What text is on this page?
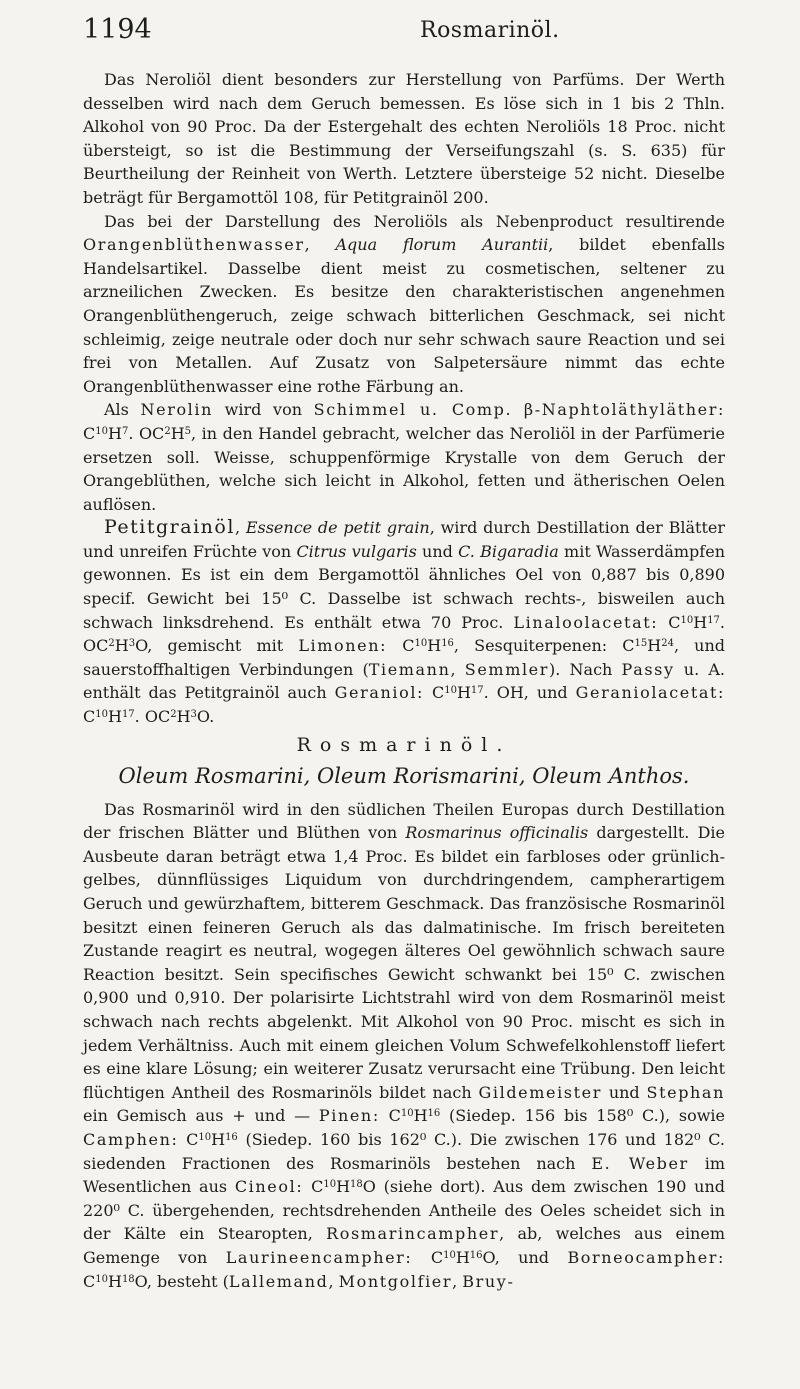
1194	Rosmarinöl.

Das Neroliöl dient besonders zur Herstellung von Parfüms. Der Werth desselben wird nach dem Geruch bemessen. Es löse sich in 1 bis 2 Thln. Alkohol von 90 Proc. Da der Estergehalt des echten Neroliöls 18 Proc. nicht übersteigt, so ist die Bestimmung der Verseifungszahl (s. S. 635) für Beurtheilung der Reinheit von Werth. Letztere übersteige 52 nicht. Dieselbe beträgt für Bergamottöl 108, für Petitgrainöl 200.

Das bei der Darstellung des Neroliöls als Nebenproduct resultirende Orangenblüthenwasser, Aqua florum Aurantii, bildet ebenfalls Handelsartikel. Dasselbe dient meist zu cosmetischen, seltener zu arzneilichen Zwecken. Es besitze den charakteristischen angenehmen Orangenblüthengeruch, zeige schwach bitterlichen Geschmack, sei nicht schleimig, zeige neutrale oder doch nur sehr schwach saure Reaction und sei frei von Metallen. Auf Zusatz von Salpetersäure nimmt das echte Orangenblüthenwasser eine rothe Färbung an.

Als Nerolin wird von Schimmel u. Comp. β-Naphtoläthyläther: $C^{10}H^7$. $OC^2H^5$, in den Handel gebracht, welcher das Neroliöl in der Parfümerie ersetzen soll. Weisse, schuppenförmige Krystalle von dem Geruch der Orangeblüthen, welche sich leicht in Alkohol, fetten und ätherischen Oelen auflösen.

Petitgrainöl, Essence de petit grain, wird durch Destillation der Blätter und unreifen Früchte von Citrus vulgaris und C. Bigaradia mit Wasserdämpfen gewonnen. Es ist ein dem Bergamottöl ähnliches Oel von 0,887 bis 0,890 specif. Gewicht bei 15⁰ C. Dasselbe ist schwach rechts-, bisweilen auch schwach linksdrehend. Es enthält etwa 70 Proc. Linaloolacetat: $C^{10}H^{17}$. $OC^2H^3O$, gemischt mit Limonen: $C^{10}H^{16}$, Sesquiterpenen: $C^{15}H^{24}$, und sauerstoffhaltigen Verbindungen (Tiemann, Semmler). Nach Passy u. A. enthält das Petitgrainöl auch Geraniol: $C^{10}H^{17}$. OH, und Geraniolacetat: $C^{10}H^{17}$. $OC^2H^3O$.

Rosmarinöl.
Oleum Rosmarini, Oleum Rorismarini, Oleum Anthos.

Das Rosmarinöl wird in den südlichen Theilen Europas durch Destillation der frischen Blätter und Blüthen von Rosmarinus officinalis dargestellt. Die Ausbeute daran beträgt etwa 1,4 Proc. Es bildet ein farbloses oder grünlich-gelbes, dünnflüssiges Liquidum von durchdringendem, campherartigem Geruch und gewürzhaftem, bitterem Geschmack. Das französische Rosmarinöl besitzt einen feineren Geruch als das dalmatinische. Im frisch bereiteten Zustande reagirt es neutral, wogegen älteres Oel gewöhnlich schwach saure Reaction besitzt. Sein specifisches Gewicht schwankt bei 15⁰ C. zwischen 0,900 und 0,910. Der polarisirte Lichtstrahl wird von dem Rosmarinöl meist schwach nach rechts abgelenkt. Mit Alkohol von 90 Proc. mischt es sich in jedem Verhältniss. Auch mit einem gleichen Volum Schwefelkohlenstoff liefert es eine klare Lösung; ein weiterer Zusatz verursacht eine Trübung. Den leicht flüchtigen Antheil des Rosmarinöls bildet nach Gildemeister und Stephan ein Gemisch aus + und — Pinen: $C^{10}H^{16}$ (Siedep. 156 bis 158⁰ C.), sowie Camphen: $C^{10}H^{16}$ (Siedep. 160 bis 162⁰ C.). Die zwischen 176 und 182⁰ C. siedenden Fractionen des Rosmarinöls bestehen nach E. Weber im Wesentlichen aus Cineol: $C^{10}H^{18}O$ (siehe dort). Aus dem zwischen 190 und 220⁰ C. übergehenden, rechtsdrehenden Antheile des Oeles scheidet sich in der Kälte ein Stearopten, Rosmarincampher, ab, welches aus einem Gemenge von Laurineencampher: $C^{10}H^{16}O$, und Borneocampher: $C^{10}H^{18}O$, besteht (Lallemand, Montgolfier, Bruy-
